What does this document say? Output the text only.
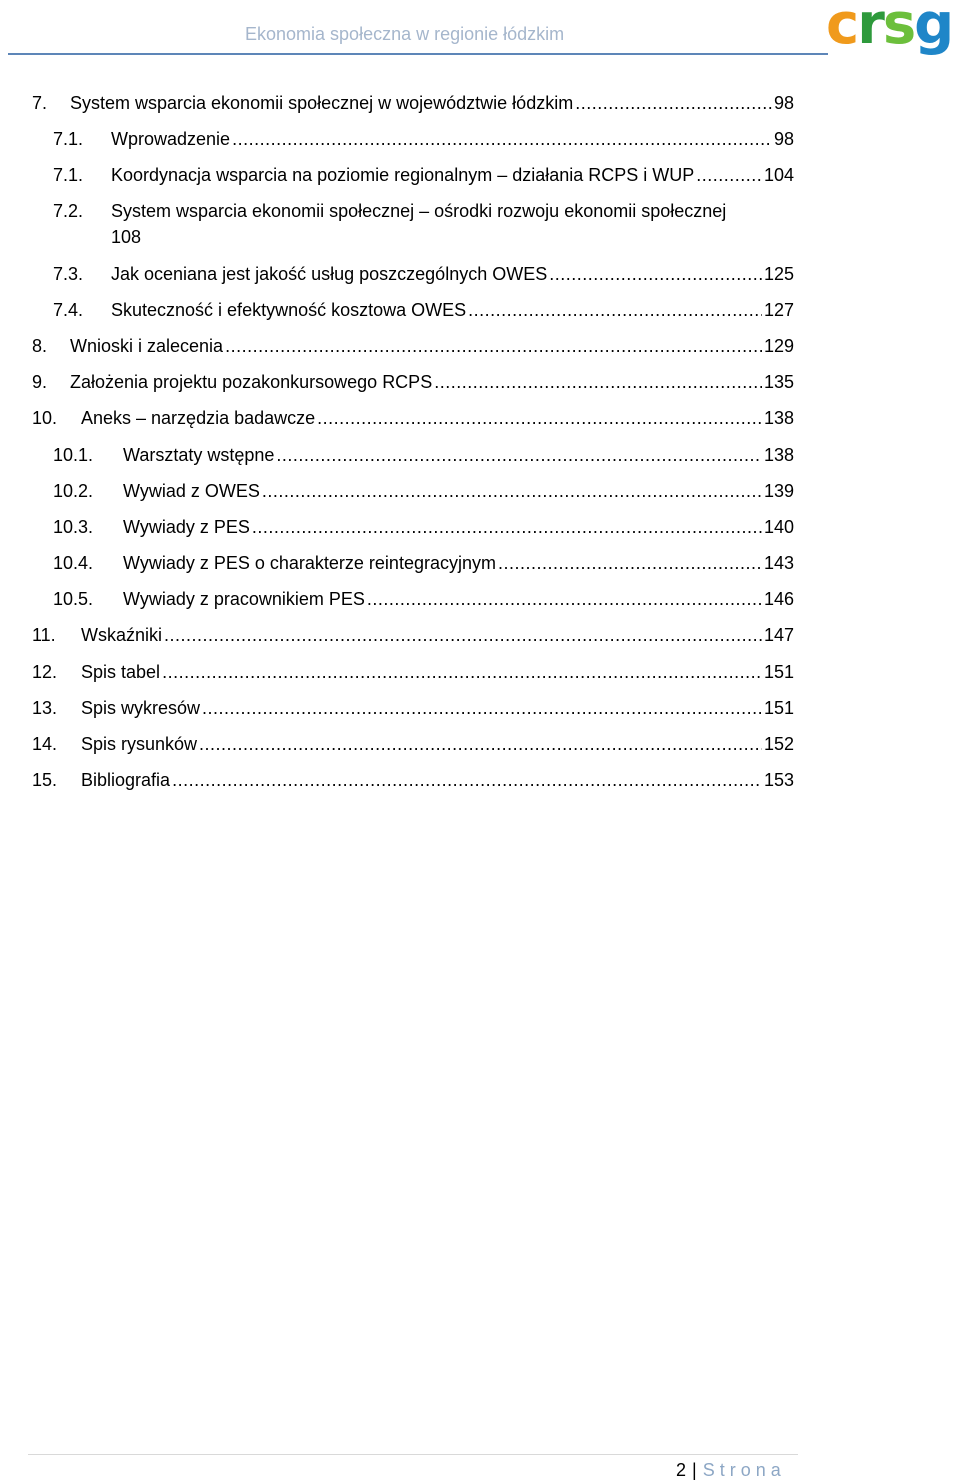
Ekonomia społeczna w regionie łódzkim	crsg
7.	System wsparcia ekonomii społecznej w województwie łódzkim .....	98
7.1.	Wprowadzenie .....	98
7.1.	Koordynacja wsparcia na poziomie regionalnym – działania RCPS i WUP .....	104
7.2.	System wsparcia ekonomii społecznej – ośrodki rozwoju ekonomii społecznej
108
7.3.	Jak oceniana jest jakość usług poszczególnych OWES .....	125
7.4.	Skuteczność i efektywność kosztowa OWES .....	127
8.	Wnioski i zalecenia .....	129
9.	Założenia projektu pozakonkursowego RCPS .....	135
10.	Aneks – narzędzia badawcze .....	138
10.1.	Warsztaty wstępne .....	138
10.2.	Wywiad z OWES .....	139
10.3.	Wywiady z PES .....	140
10.4.	Wywiady z PES o charakterze reintegracyjnym .....	143
10.5.	Wywiady z pracownikiem PES .....	146
11.	Wskaźniki .....	147
12.	Spis tabel .....	151
13.	Spis wykresów .....	151
14.	Spis rysunków .....	152
15.	Bibliografia .....	153
2 | Strona
